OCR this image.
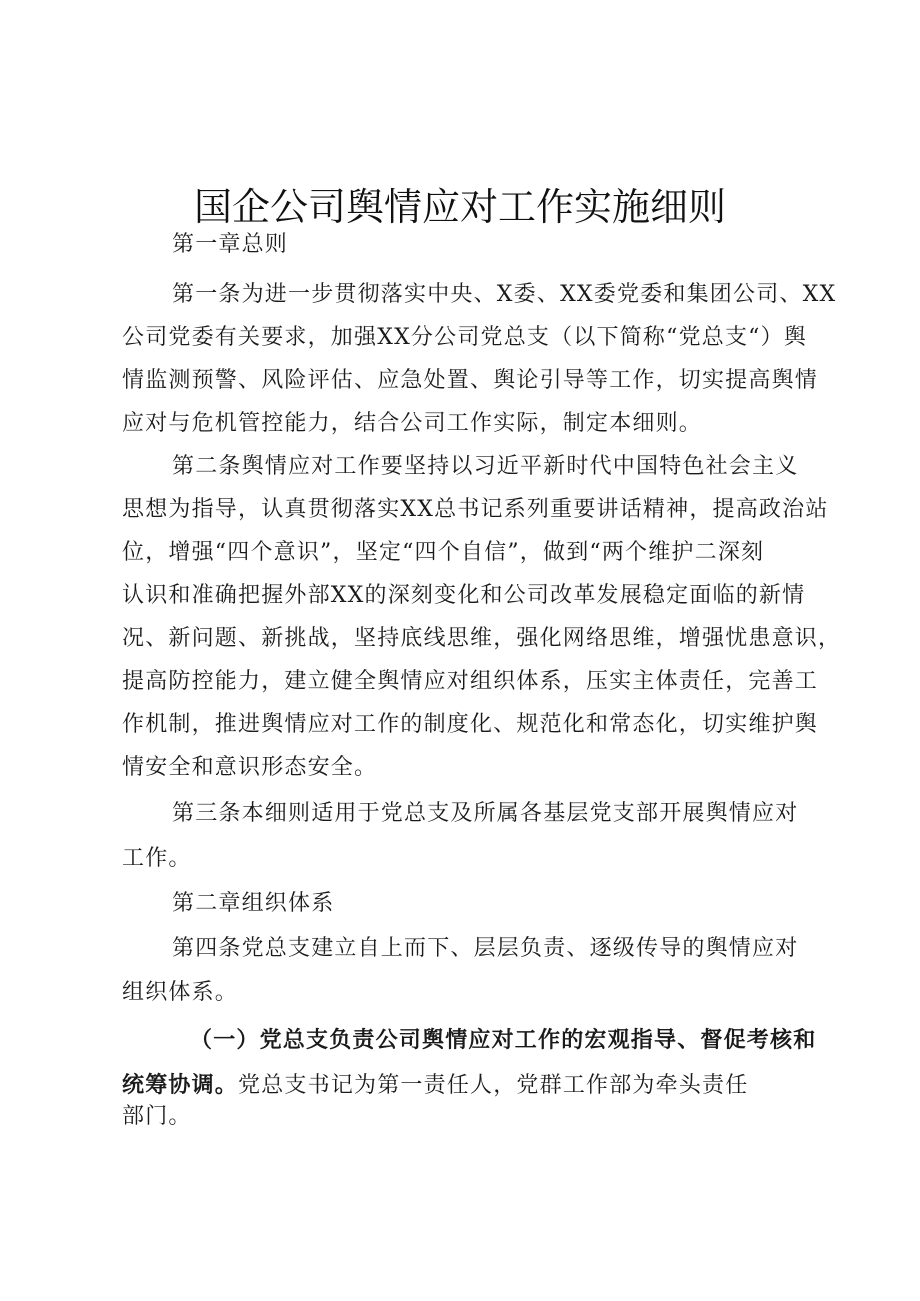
国企公司舆情应对工作实施细则
第一章总则
第一条为进一步贯彻落实中央、X委、XX委党委和集团公司、XX
公司党委有关要求，加强XX分公司党总支（以下简称“党总支“）舆
情监测预警、风险评估、应急处置、舆论引导等工作，切实提高舆情
应对与危机管控能力，结合公司工作实际，制定本细则。
第二条舆情应对工作要坚持以习近平新时代中国特色社会主义
思想为指导，认真贯彻落实XX总书记系列重要讲话精神，提高政治站
位，增强“四个意识”，坚定“四个自信”，做到“两个维护二深刻
认识和准确把握外部XX的深刻变化和公司改革发展稳定面临的新情
况、新问题、新挑战，坚持底线思维，强化网络思维，增强忧患意识，
提高防控能力，建立健全舆情应对组织体系，压实主体责任，完善工
作机制，推进舆情应对工作的制度化、规范化和常态化，切实维护舆
情安全和意识形态安全。
第三条本细则适用于党总支及所属各基层党支部开展舆情应对
工作。
第二章组织体系
第四条党总支建立自上而下、层层负责、逐级传导的舆情应对
组织体系。
（一）党总支负责公司舆情应对工作的宏观指导、督促考核和
统筹协调。党总支书记为第一责任人，党群工作部为牵头责任
部门。
